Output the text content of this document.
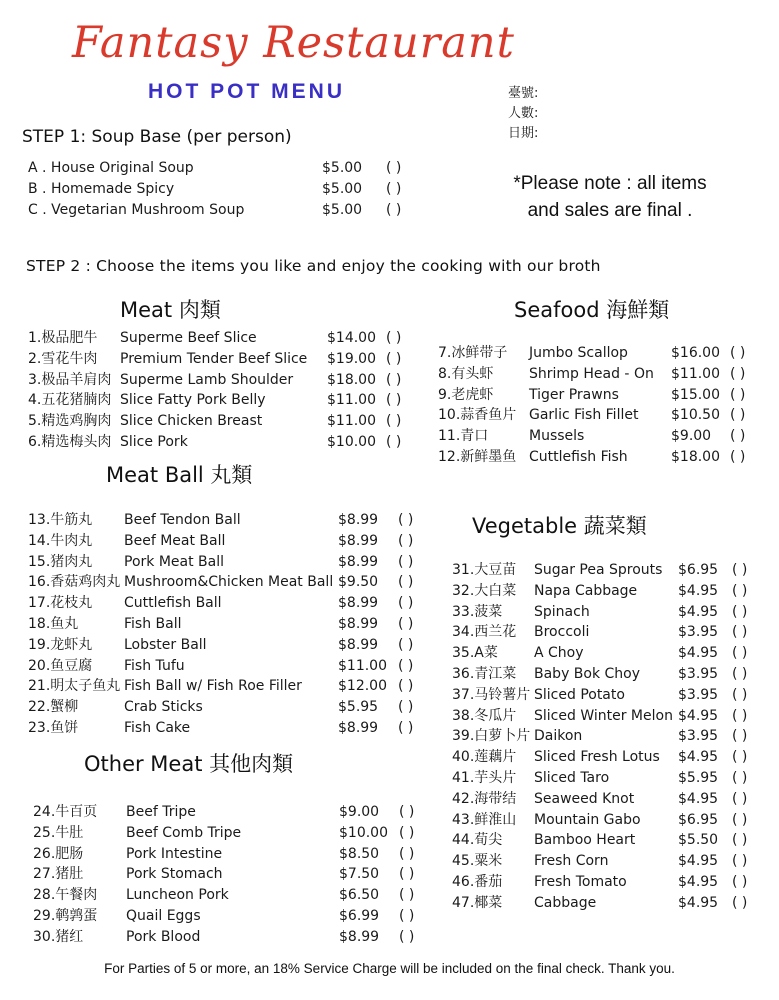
Fantasy Restaurant
HOT POT MENU	臺號:
人數:
日期:
STEP 1: Soup Base (per person)
A . House Original Soup	$5.00 ( )
B . Homemade Spicy	$5.00 ( )
C . Vegetarian Mushroom Soup	$5.00 ( )
*Please note : all items
and sales are final .
STEP 2 : Choose the items you like and enjoy the cooking with our broth
Meat 肉類
1.极品肥牛 Superme Beef Slice	$14.00 ( )
2.雪花牛肉 Premium Tender Beef Slice $19.00 ( )
3.极品羊肩肉 Superme Lamb Shoulder $18.00 ( )
4.五花猪腩肉 Slice Fatty Pork Belly	$11.00 ( )
5.精选鸡胸肉 Slice Chicken Breast	$11.00 ( )
6.精选梅头肉 Slice Pork	$10.00 ( )
Meat Ball 丸類
13.牛筋丸 Beef Tendon Ball	$8.99 ( )
14.牛肉丸 Beef Meat Ball	$8.99 ( )
15.猪肉丸 Pork Meat Ball	$8.99 ( )
16.香菇鸡肉丸 Mushroom&Chicken Meat Ball $9.50 ( )
17.花枝丸 Cuttlefish Ball	$8.99 ( )
18.鱼丸	Fish Ball	$8.99 ( )
19.龙虾丸 Lobster Ball	$8.99 ( )
20.鱼豆腐 Fish Tufu	$11.00 ( )
21.明太子鱼丸 Fish Ball w/ Fish Roe Filler	$12.00 ( )
22.蟹柳	Crab Sticks	$5.95 ( )
23.鱼饼	Fish Cake	$8.99 ( )
Other Meat 其他肉類
24.牛百页 Beef Tripe	$9.00 ( )
25.牛肚	Beef Comb Tripe	$10.00 ( )
26.肥肠	Pork Intestine	$8.50 ( )
27.猪肚	Pork Stomach	$7.50 ( )
28.午餐肉 Luncheon Pork	$6.50 ( )
29.鹌鹑蛋 Quail Eggs	$6.99 ( )
30.猪红	Pork Blood	$8.99 ( )
Seafood 海鮮類
7.冰鲜带子 Jumbo Scallop	$16.00 ( )
8.有头虾	Shrimp Head - On $11.00 ( )
9.老虎虾	Tiger Prawns	$15.00 ( )
10.蒜香鱼片 Garlic Fish Fillet $10.50 ( )
11.青口	Mussels	$9.00 ( )
12.新鲜墨鱼 Cuttlefish Fish	$18.00 ( )
Vegetable 蔬菜類
31.大豆苗 Sugar Pea Sprouts $6.95 ( )
32.大白菜 Napa Cabbage	$4.95 ( )
33.菠菜 Spinach	$4.95 ( )
34.西兰花 Broccoli	$3.95 ( )
35.A菜	A Choy	$4.95 ( )
36.青江菜 Baby Bok Choy	$3.95 ( )
37.马铃薯片 Sliced Potato	$3.95 ( )
38.冬瓜片 Sliced Winter Melon $4.95 ( )
39.白萝卜片 Daikon	$3.95 ( )
40.莲藕片 Sliced Fresh Lotus $4.95 ( )
41.芋头片 Sliced Taro	$5.95 ( )
42.海带结 Seaweed Knot	$4.95 ( )
43.鲜淮山 Mountain Gabo	$6.95 ( )
44.荀尖 Bamboo Heart	$5.50 ( )
45.粟米 Fresh Corn	$4.95 ( )
46.番茄 Fresh Tomato	$4.95 ( )
47.椰菜 Cabbage	$4.95 ( )
For Parties of 5 or more, an 18% Service Charge will be included on the final check. Thank you.
